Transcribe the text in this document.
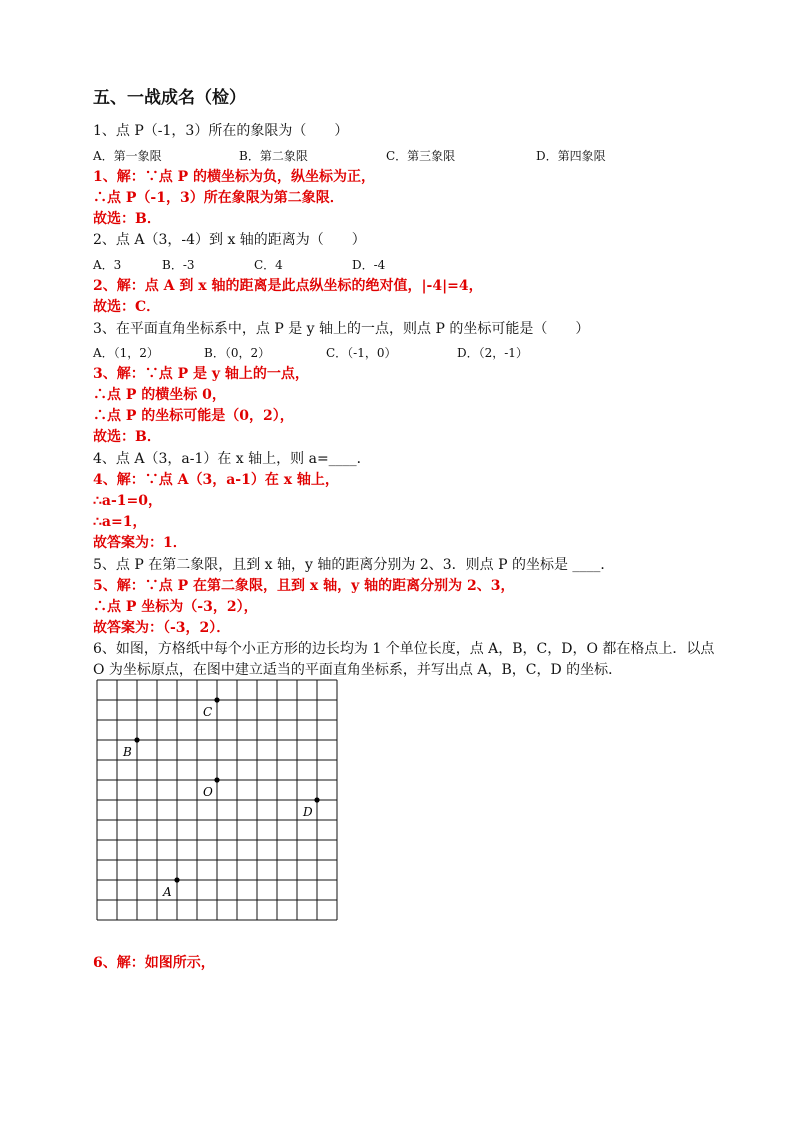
五、一战成名（检）
1、点 P（-1，3）所在的象限为（　　）
A．第一象限	B．第二象限	C．第三象限	D．第四象限
1、解：∵点 P 的横坐标为负，纵坐标为正，
∴点 P（-1，3）所在象限为第二象限．
故选：B．
2、点 A（3，-4）到 x 轴的距离为（　　）
A．3	B．-3	C．4	D．-4
2、解：点 A 到 x 轴的距离是此点纵坐标的绝对值，|-4|=4，
故选：C．
3、在平面直角坐标系中，点 P 是 y 轴上的一点，则点 P 的坐标可能是（　　）
A．（1，2）	B．（0，2）	C．（-1，0）	D．（2，-1）
3、解：∵点 P 是 y 轴上的一点，
∴点 P 的横坐标 0，
∴点 P 的坐标可能是（0，2），
故选：B．
4、点 A（3，a-1）在 x 轴上，则 a=____．
4、解：∵点 A（3，a-1）在 x 轴上，
∴a-1=0，
∴a=1，
故答案为：1．
5、点 P 在第二象限，且到 x 轴，y 轴的距离分别为 2、3．则点 P 的坐标是 ____．
5、解：∵点 P 在第二象限，且到 x 轴，y 轴的距离分别为 2、3，
∴点 P 坐标为（-3，2），
故答案为：（-3，2）．
6、如图，方格纸中每个小正方形的边长均为 1 个单位长度，点 A，B，C，D，O 都在格点上．以点
O 为坐标原点，在图中建立适当的平面直角坐标系，并写出点 A，B，C，D 的坐标．
C
B
O
D
A
6、解：如图所示，
